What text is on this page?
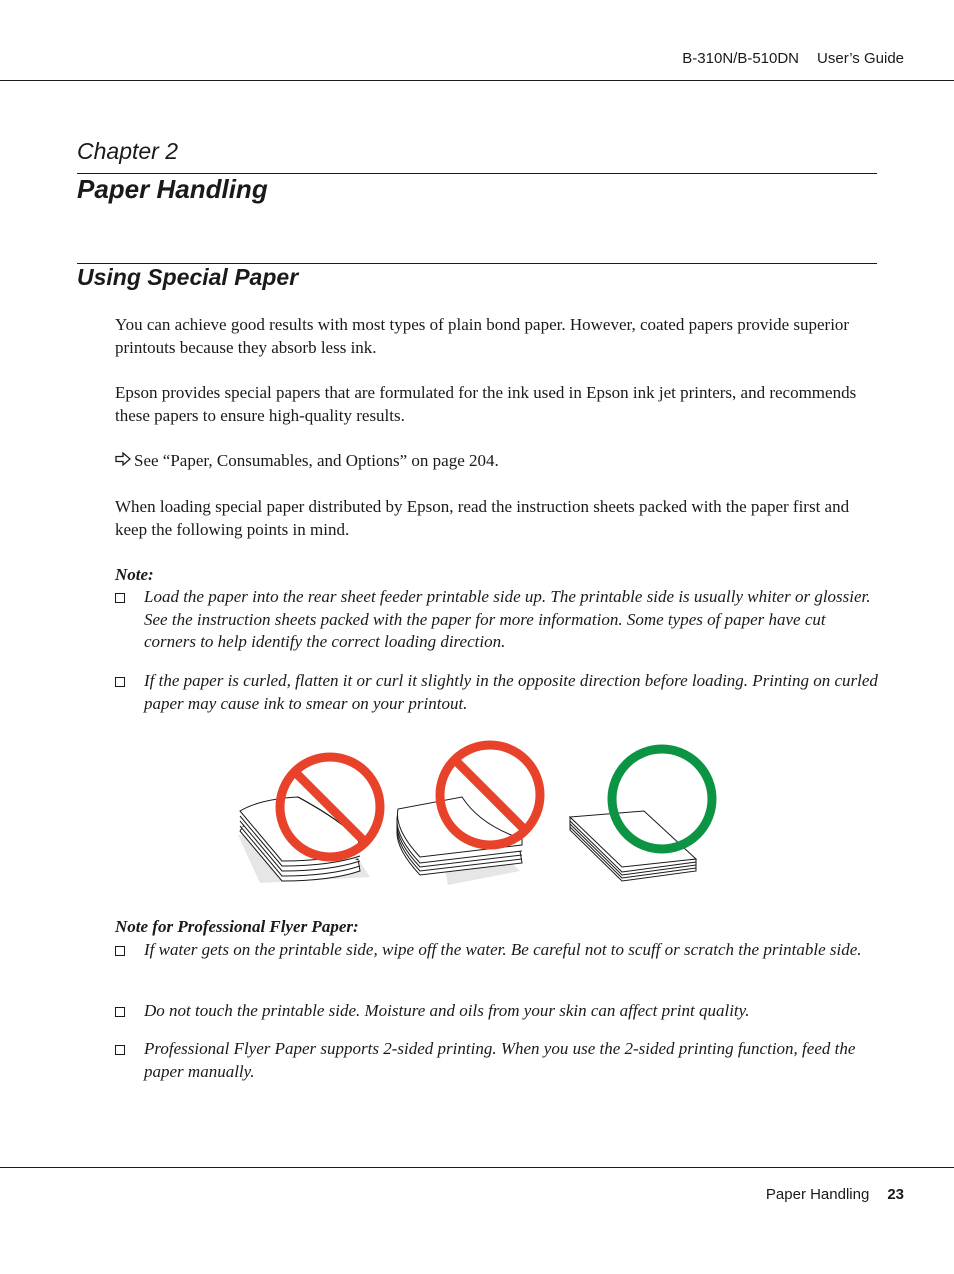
B-310N/B-510DN User’s Guide
Chapter 2
Paper Handling
Using Special Paper
You can achieve good results with most types of plain bond paper. However, coated papers provide superior printouts because they absorb less ink.
Epson provides special papers that are formulated for the ink used in Epson ink jet printers, and recommends these papers to ensure high-quality results.
See “Paper, Consumables, and Options” on page 204.
When loading special paper distributed by Epson, read the instruction sheets packed with the paper first and keep the following points in mind.
Note:
Load the paper into the rear sheet feeder printable side up. The printable side is usually whiter or glossier. See the instruction sheets packed with the paper for more information. Some types of paper have cut corners to help identify the correct loading direction.
If the paper is curled, flatten it or curl it slightly in the opposite direction before loading. Printing on curled paper may cause ink to smear on your printout.
Note for Professional Flyer Paper:
If water gets on the printable side, wipe off the water. Be careful not to scuff or scratch the printable side.
Do not touch the printable side. Moisture and oils from your skin can affect print quality.
Professional Flyer Paper supports 2-sided printing. When you use the 2-sided printing function, feed the paper manually.
Paper Handling 23
